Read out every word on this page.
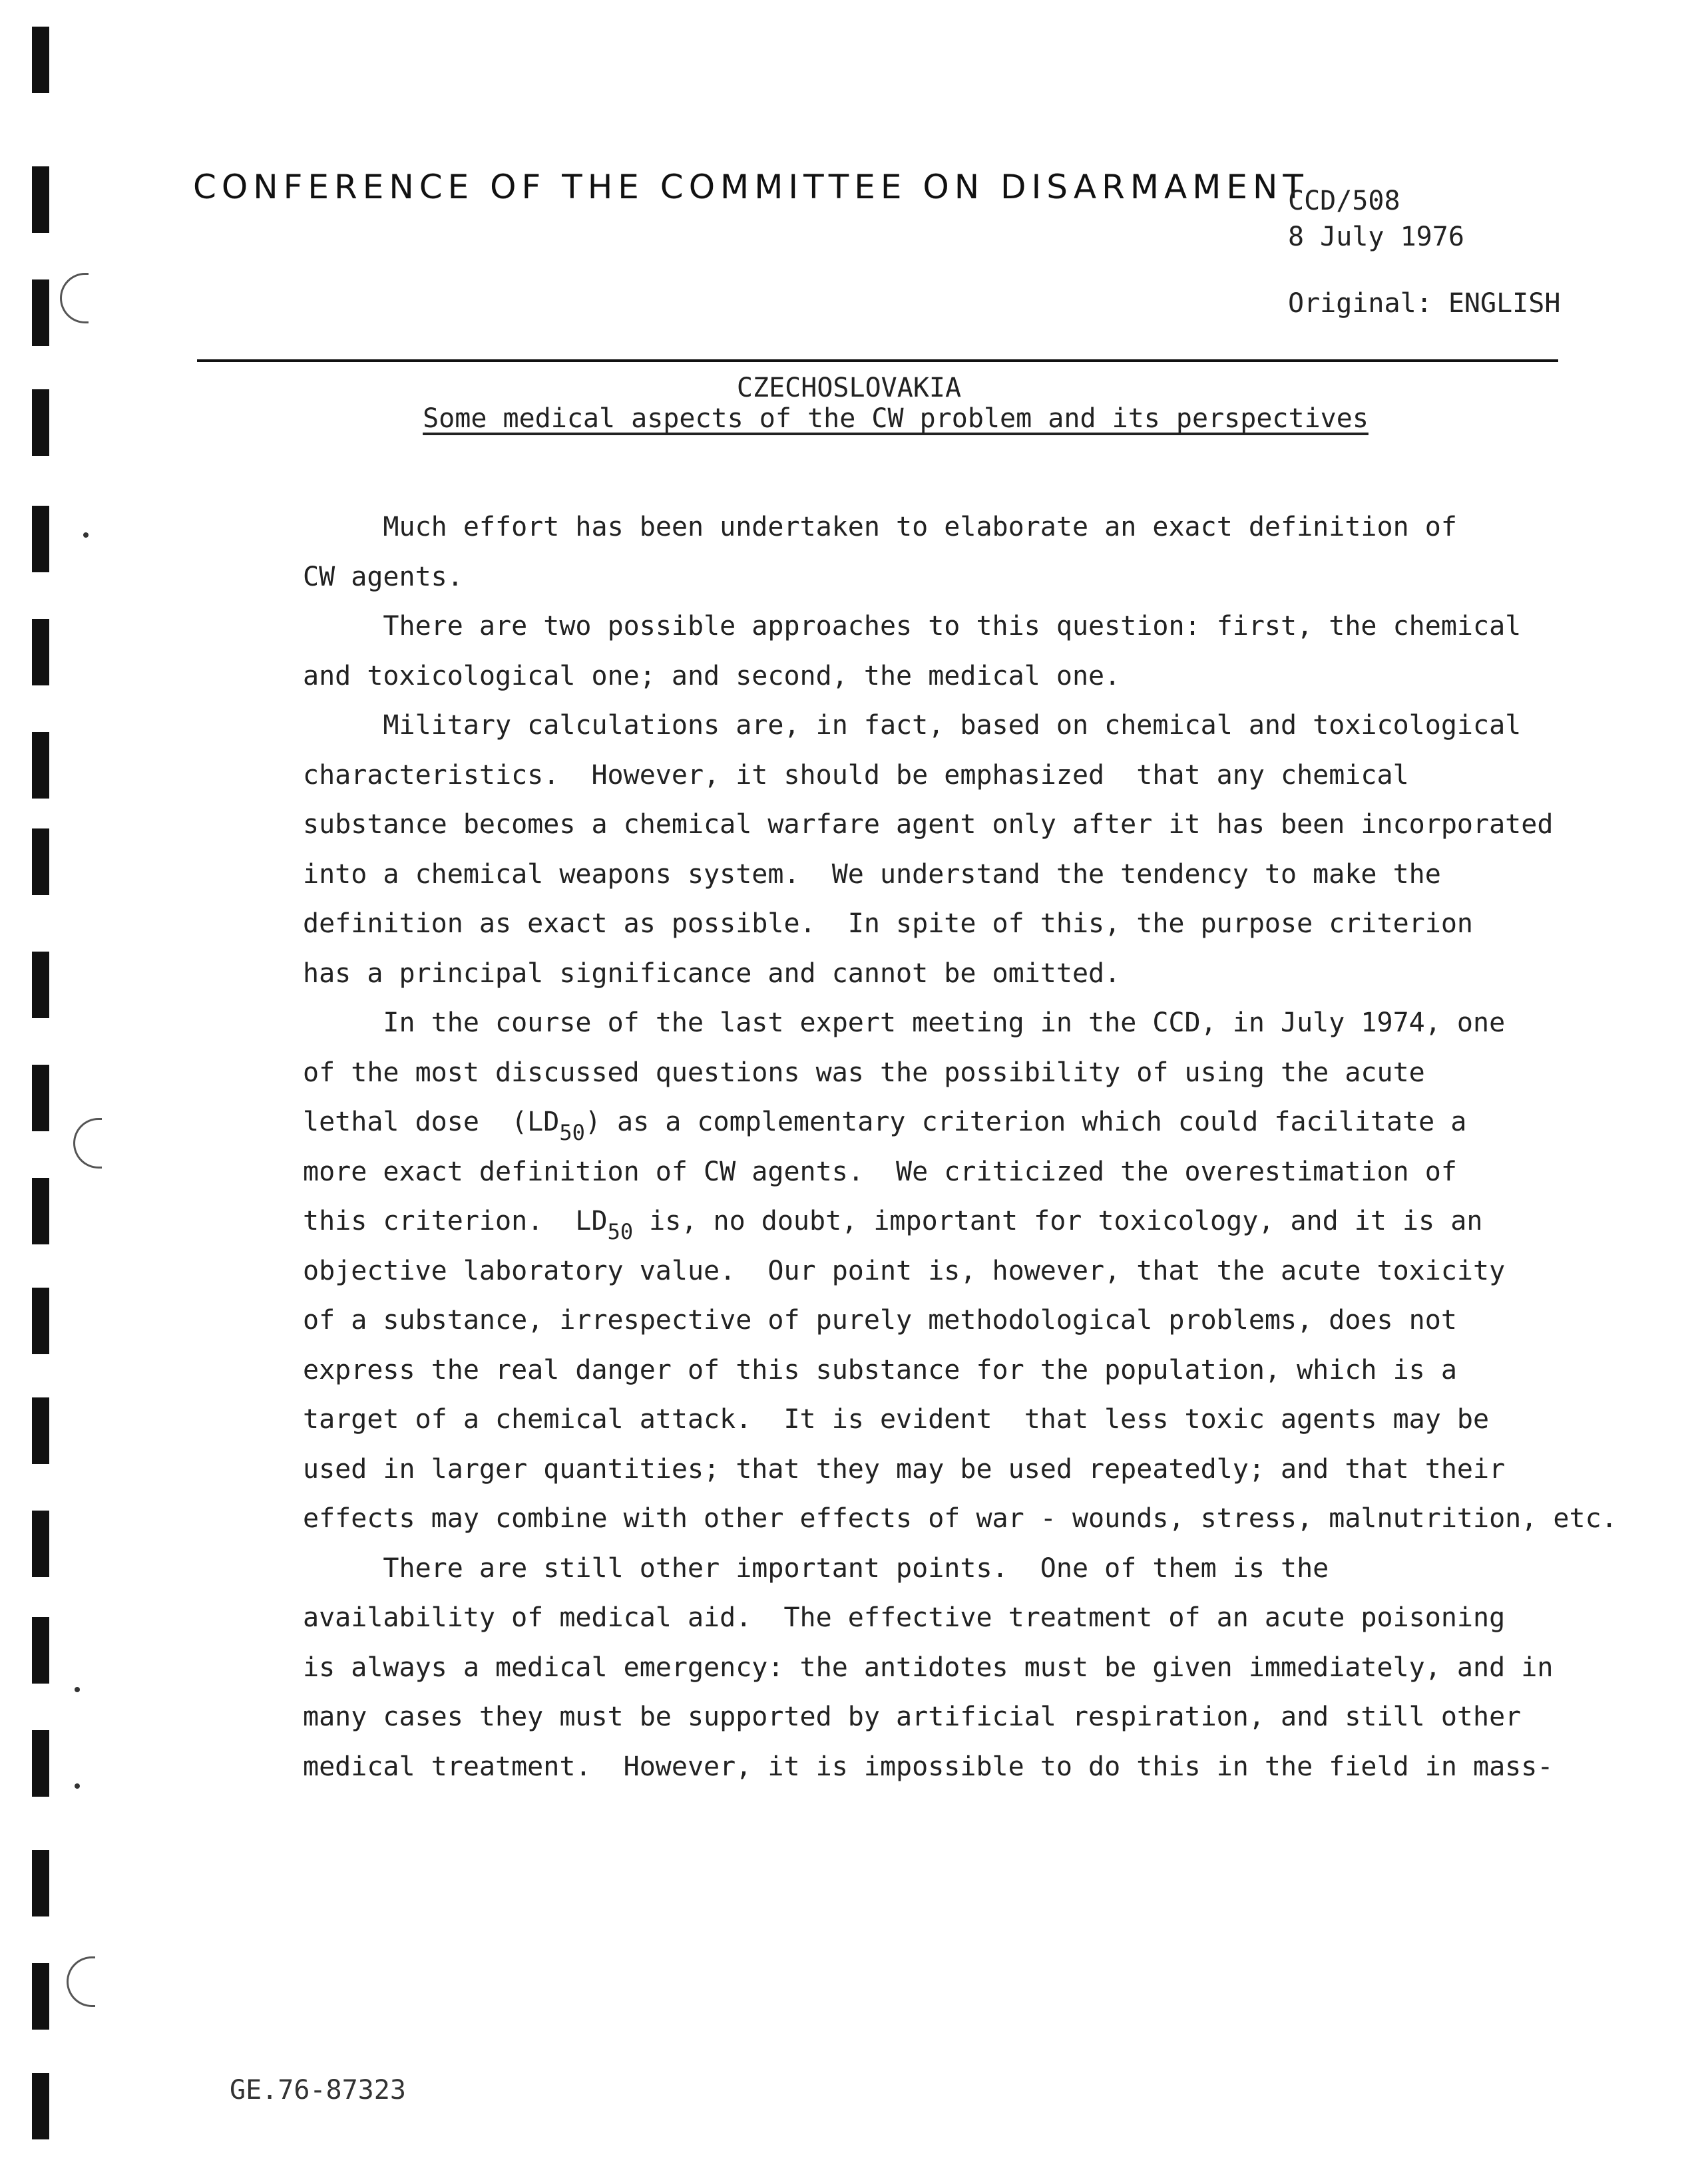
CONFERENCE OF THE COMMITTEE ON DISARMAMENT
CCD/508
8 July 1976
Original: ENGLISH
CZECHOSLOVAKIA
Some medical aspects of the CW problem and its perspectives

Much effort has been undertaken to elaborate an exact definition of
CW agents.

There are two possible approaches to this question: first, the chemical
and toxicological one; and second, the medical one.

Military calculations are, in fact, based on chemical and toxicological
characteristics.  However, it should be emphasized  that any chemical
substance becomes a chemical warfare agent only after it has been incorporated
into a chemical weapons system.  We understand the tendency to make the
definition as exact as possible.  In spite of this, the purpose criterion
has a principal significance and cannot be omitted.

In the course of the last expert meeting in the CCD, in July 1974, one
of the most discussed questions was the possibility of using the acute
lethal dose  $(LD_{50})$ as a complementary criterion which could facilitate a
more exact definition of CW agents.  We criticized the overestimation of
this criterion.  $LD_{50}$ is, no doubt, important for toxicology, and it is an
objective laboratory value.  Our point is, however, that the acute toxicity
of a substance, irrespective of purely methodological problems, does not
express the real danger of this substance for the population, which is a
target of a chemical attack.  It is evident  that less toxic agents may be
used in larger quantities; that they may be used repeatedly; and that their
effects may combine with other effects of war - wounds, stress, malnutrition, etc.

There are still other important points.  One of them is the
availability of medical aid.  The effective treatment of an acute poisoning
is always a medical emergency: the antidotes must be given immediately, and in
many cases they must be supported by artificial respiration, and still other
medical treatment.  However, it is impossible to do this in the field in mass-

GE.76-87323
